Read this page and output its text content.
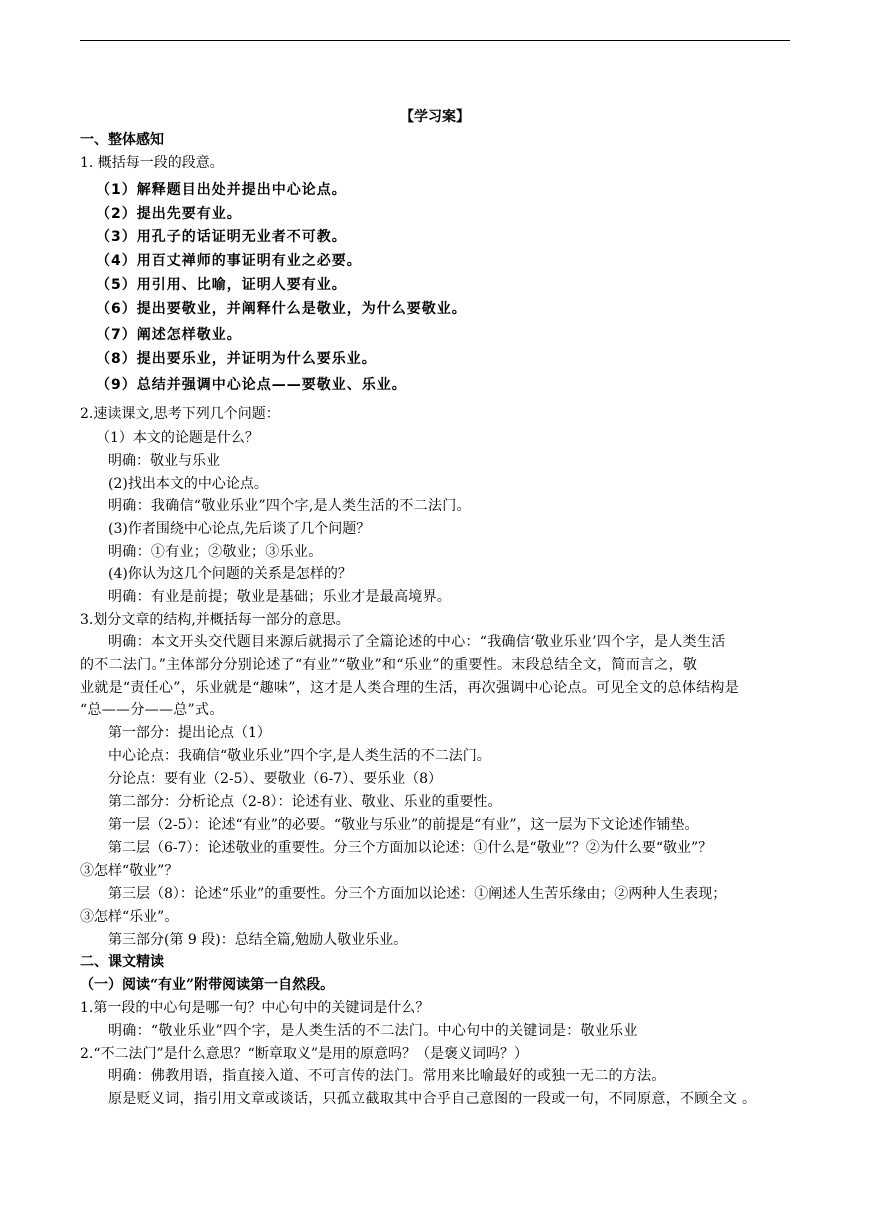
【学习案】
一、整体感知
1. 概括每一段的段意。
（1）解释题目出处并提出中心论点。
（2）提出先要有业。
（3）用孔子的话证明无业者不可教。
（4）用百丈禅师的事证明有业之必要。
（5）用引用、比喻，证明人要有业。
（6）提出要敬业，并阐释什么是敬业，为什么要敬业。
（7）阐述怎样敬业。
（8）提出要乐业，并证明为什么要乐业。
（9）总结并强调中心论点——要敬业、乐业。
2.速读课文,思考下列几个问题：
（1）本文的论题是什么？
明确：敬业与乐业
(2)找出本文的中心论点。
明确：我确信“敬业乐业”四个字,是人类生活的不二法门。
(3)作者围绕中心论点,先后谈了几个问题？
明确：①有业；②敬业；③乐业。
(4)你认为这几个问题的关系是怎样的？
明确：有业是前提；敬业是基础；乐业才是最高境界。
3.划分文章的结构,并概括每一部分的意思。
明确：本文开头交代题目来源后就揭示了全篇论述的中心：“我确信‘敬业乐业’四个字，是人类生活
的不二法门。”主体部分分别论述了“有业”“敬业”和“乐业”的重要性。末段总结全文，简而言之，敬
业就是“责任心”，乐业就是“趣味”，这才是人类合理的生活，再次强调中心论点。可见全文的总体结构是
“总——分——总”式。
第一部分：提出论点（1）
中心论点：我确信“敬业乐业”四个字,是人类生活的不二法门。
分论点：要有业（2-5）、要敬业（6-7）、要乐业（8）
第二部分：分析论点（2-8）：论述有业、敬业、乐业的重要性。
第一层（2-5）：论述“有业”的必要。“敬业与乐业”的前提是“有业”，这一层为下文论述作铺垫。
第二层（6-7）：论述敬业的重要性。分三个方面加以论述：①什么是“敬业”？②为什么要“敬业”？
③怎样“敬业”？
第三层（8）：论述“乐业”的重要性。分三个方面加以论述：①阐述人生苦乐缘由；②两种人生表现；
③怎样“乐业”。
第三部分(第 9 段)：总结全篇,勉励人敬业乐业。
二、课文精读
（一）阅读“有业”附带阅读第一自然段。
1.第一段的中心句是哪一句？中心句中的关键词是什么？
明确：“敬业乐业”四个字，是人类生活的不二法门。中心句中的关键词是：敬业乐业
2.“不二法门”是什么意思？“断章取义”是用的原意吗？（是褒义词吗？）
明确：佛教用语，指直接入道、不可言传的法门。常用来比喻最好的或独一无二的方法。
原是贬义词，指引用文章或谈话，只孤立截取其中合乎自己意图的一段或一句，不同原意，不顾全文 。
